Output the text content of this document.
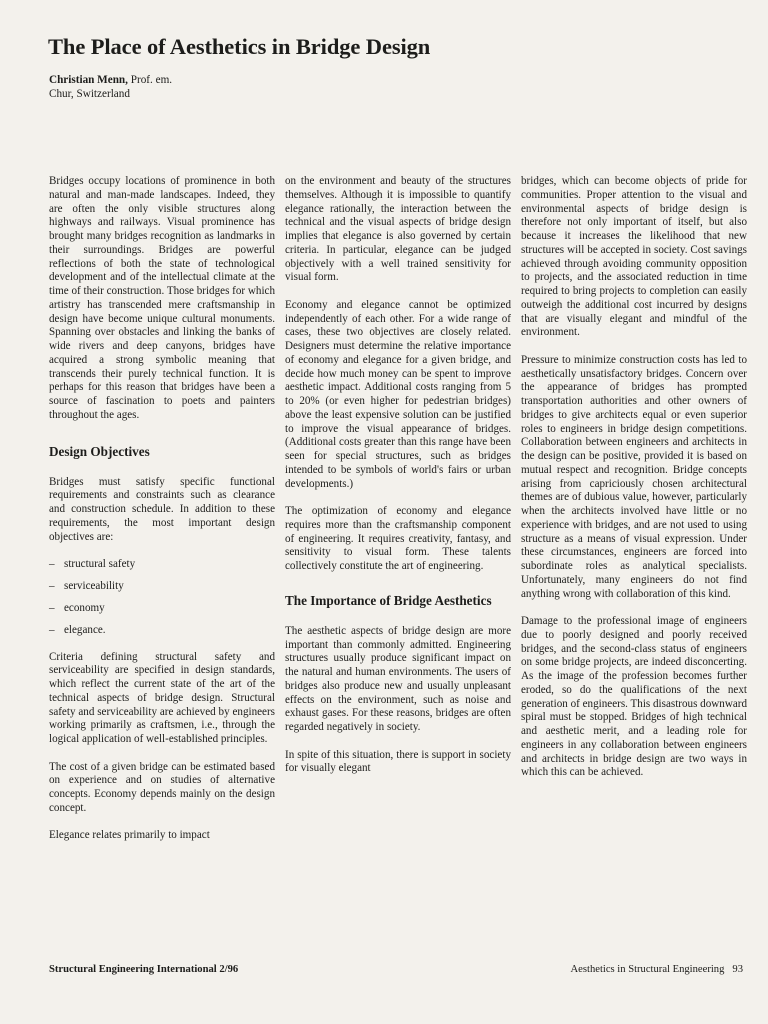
The Place of Aesthetics in Bridge Design
Christian Menn, Prof. em.
Chur, Switzerland

Bridges occupy locations of prominence in both natural and man-made landscapes. Indeed, they are often the only visible structures along highways and railways. Visual prominence has brought many bridges recognition as landmarks in their surroundings. Bridges are powerful reflections of both the state of technological development and of the intellectual climate at the time of their construction. Those bridges for which artistry has transcended mere craftsmanship in design have become unique cultural monuments. Spanning over obstacles and linking the banks of wide rivers and deep canyons, bridges have acquired a strong symbolic meaning that transcends their purely technical function. It is perhaps for this reason that bridges have been a source of fascination to poets and painters throughout the ages.

Design Objectives

Bridges must satisfy specific functional requirements and constraints such as clearance and construction schedule. In addition to these requirements, the most important design objectives are:

– structural safety
– serviceability
– economy
– elegance.

Criteria defining structural safety and serviceability are specified in design standards, which reflect the current state of the art of the technical aspects of bridge design. Structural safety and serviceability are achieved by engineers working primarily as craftsmen, i.e., through the logical application of well-established principles.

The cost of a given bridge can be estimated based on experience and on studies of alternative concepts. Economy depends mainly on the design concept.

Elegance relates primarily to impact

on the environment and beauty of the structures themselves. Although it is impossible to quantify elegance rationally, the interaction between the technical and the visual aspects of bridge design implies that elegance is also governed by certain criteria. In particular, elegance can be judged objectively with a well trained sensitivity for visual form.

Economy and elegance cannot be optimized independently of each other. For a wide range of cases, these two objectives are closely related. Designers must determine the relative importance of economy and elegance for a given bridge, and decide how much money can be spent to improve aesthetic impact. Additional costs ranging from 5 to 20% (or even higher for pedestrian bridges) above the least expensive solution can be justified to improve the visual appearance of bridges. (Additional costs greater than this range have been seen for special structures, such as bridges intended to be symbols of world's fairs or urban developments.)

The optimization of economy and elegance requires more than the craftsmanship component of engineering. It requires creativity, fantasy, and sensitivity to visual form. These talents collectively constitute the art of engineering.

The Importance of Bridge Aesthetics

The aesthetic aspects of bridge design are more important than commonly admitted. Engineering structures usually produce significant impact on the natural and human environments. The users of bridges also produce new and usually unpleasant effects on the environment, such as noise and exhaust gases. For these reasons, bridges are often regarded negatively in society.

In spite of this situation, there is support in society for visually elegant

bridges, which can become objects of pride for communities. Proper attention to the visual and environmental aspects of bridge design is therefore not only important of itself, but also because it increases the likelihood that new structures will be accepted in society. Cost savings achieved through avoiding community opposition to projects, and the associated reduction in time required to bring projects to completion can easily outweigh the additional cost incurred by designs that are visually elegant and mindful of the environment.

Pressure to minimize construction costs has led to aesthetically unsatisfactory bridges. Concern over the appearance of bridges has prompted transportation authorities and other owners of bridges to give architects equal or even superior roles to engineers in bridge design competitions. Collaboration between engineers and architects in the design can be positive, provided it is based on mutual respect and recognition. Bridge concepts arising from capriciously chosen architectural themes are of dubious value, however, particularly when the architects involved have little or no experience with bridges, and are not used to using structure as a means of visual expression. Under these circumstances, engineers are forced into subordinate roles as analytical specialists. Unfortunately, many engineers do not find anything wrong with collaboration of this kind.

Damage to the professional image of engineers due to poorly designed and poorly received bridges, and the second-class status of engineers on some bridge projects, are indeed disconcerting. As the image of the profession becomes further eroded, so do the qualifications of the next generation of engineers. This disastrous downward spiral must be stopped. Bridges of high technical and aesthetic merit, and a leading role for engineers in any collaboration between engineers and architects in bridge design are two ways in which this can be achieved.

Structural Engineering International 2/96	Aesthetics in Structural Engineering 93
